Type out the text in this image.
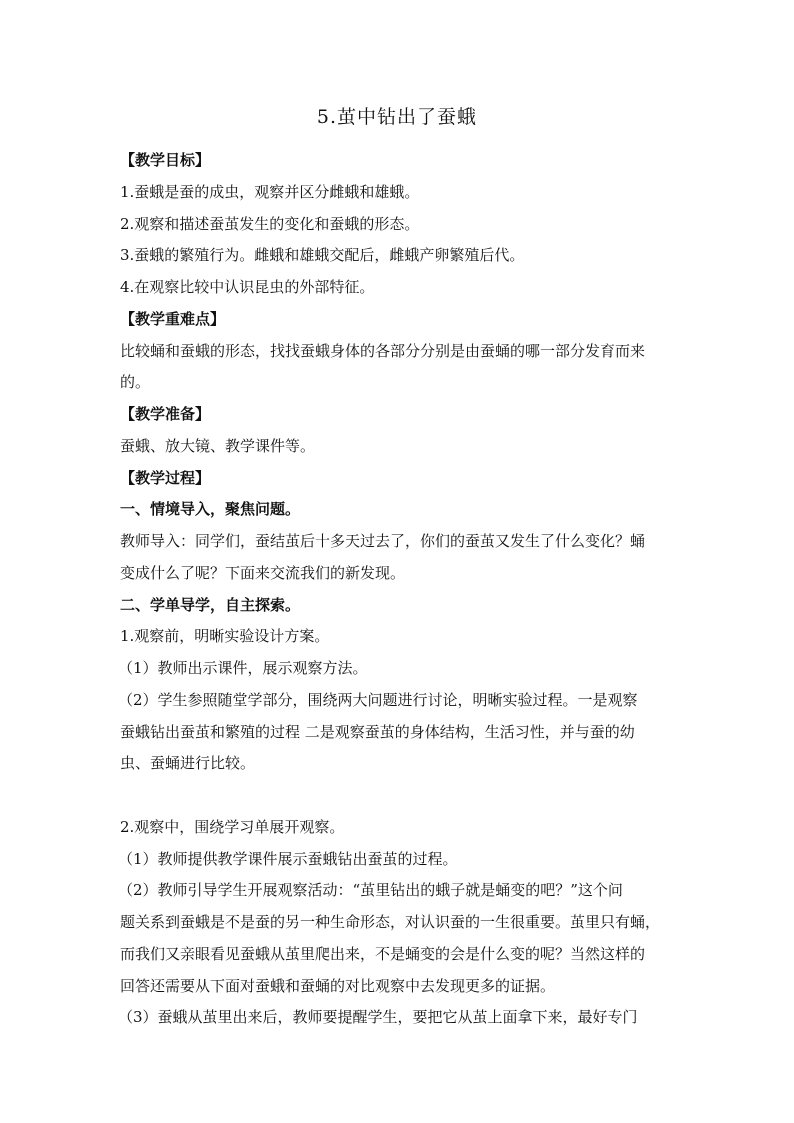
5.茧中钻出了蚕蛾
【教学目标】
1.蚕蛾是蚕的成虫，观察并区分雌蛾和雄蛾。
2.观察和描述蚕茧发生的变化和蚕蛾的形态。
3.蚕蛾的繁殖行为。雌蛾和雄蛾交配后，雌蛾产卵繁殖后代。
4.在观察比较中认识昆虫的外部特征。
【教学重难点】
比较蛹和蚕蛾的形态，找找蚕蛾身体的各部分分别是由蚕蛹的哪一部分发育而来
的。
【教学准备】
蚕蛾、放大镜、教学课件等。
【教学过程】
一、情境导入，聚焦问题。
教师导入：同学们，蚕结茧后十多天过去了，你们的蚕茧又发生了什么变化？蛹
变成什么了呢？下面来交流我们的新发现。
二、学单导学，自主探索。
1.观察前，明晰实验设计方案。
（1）教师出示课件，展示观察方法。
（2）学生参照随堂学部分，围绕两大问题进行讨论，明晰实验过程。一是观察
蚕蛾钻出蚕茧和繁殖的过程 二是观察蚕茧的身体结构，生活习性，并与蚕的幼
虫、蚕蛹进行比较。
2.观察中，围绕学习单展开观察。
（1）教师提供教学课件展示蚕蛾钻出蚕茧的过程。
（2）教师引导学生开展观察活动：“茧里钻出的蛾子就是蛹变的吧？”这个问
题关系到蚕蛾是不是蚕的另一种生命形态，对认识蚕的一生很重要。茧里只有蛹，
而我们又亲眼看见蚕蛾从茧里爬出来，不是蛹变的会是什么变的呢？当然这样的
回答还需要从下面对蚕蛾和蚕蛹的对比观察中去发现更多的证据。
（3）蚕蛾从茧里出来后，教师要提醒学生，要把它从茧上面拿下来，最好专门
